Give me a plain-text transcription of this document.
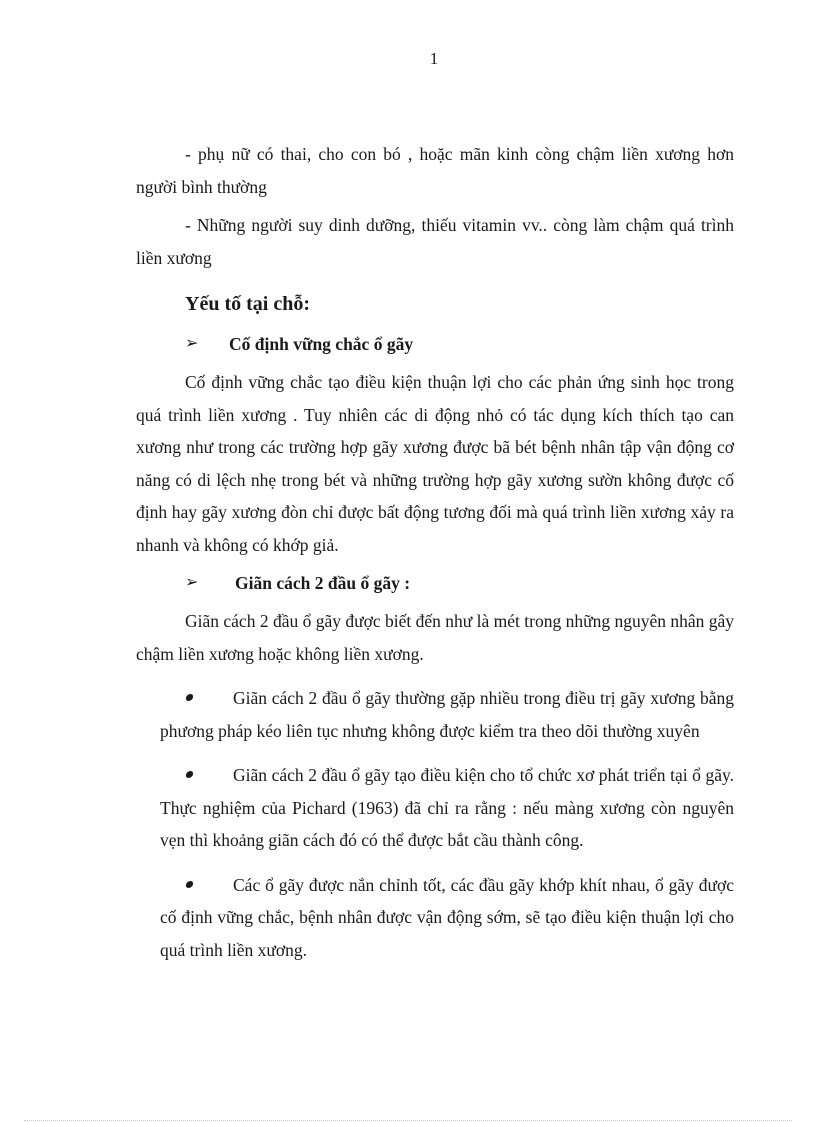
1

- phụ nữ có thai, cho con bó , hoặc mãn kinh còng chậm liền xương hơn người bình thường

- Những người suy dinh dưỡng, thiếu vitamin vv.. còng làm chậm quá trình liền xương

Yếu tố tại chỗ:
➢	Cố định vững chắc ổ gãy

Cố định vững chắc tạo điều kiện thuận lợi cho các phản ứng sinh học trong quá trình liền xương . Tuy nhiên các di động nhỏ có tác dụng kích thích tạo can xương như trong các trường hợp gãy xương được bã bét bệnh nhân tập vận động cơ năng có di lệch nhẹ trong bét và những trường hợp gãy xương sườn không được cố định hay gãy xương đòn chỉ được bất động tương đối mà quá trình liền xương xảy ra nhanh và không có khớp giả.

➢	Giãn cách 2 đầu ổ gãy :

Giãn cách 2 đầu ổ gãy được biết đến như là mét trong những nguyên nhân gây chậm liền xương hoặc không liền xương.

Giãn cách 2 đầu ổ gãy thường gặp nhiều trong điều trị gãy xương bằng phương pháp kéo liên tục nhưng không được kiểm tra theo dõi thường xuyên
Giãn cách 2 đầu ổ gãy tạo điều kiện cho tổ chức xơ phát triển tại ổ gãy. Thực nghiệm của Pichard (1963) đã chỉ ra rằng : nếu màng xương còn nguyên vẹn thì khoảng giãn cách đó có thể được bắt cầu thành công.
Các ổ gãy được nắn chỉnh tốt, các đầu gãy khớp khít nhau, ổ gãy được cố định vững chắc, bệnh nhân được vận động sớm, sẽ tạo điều kiện thuận lợi cho quá trình liền xương.
